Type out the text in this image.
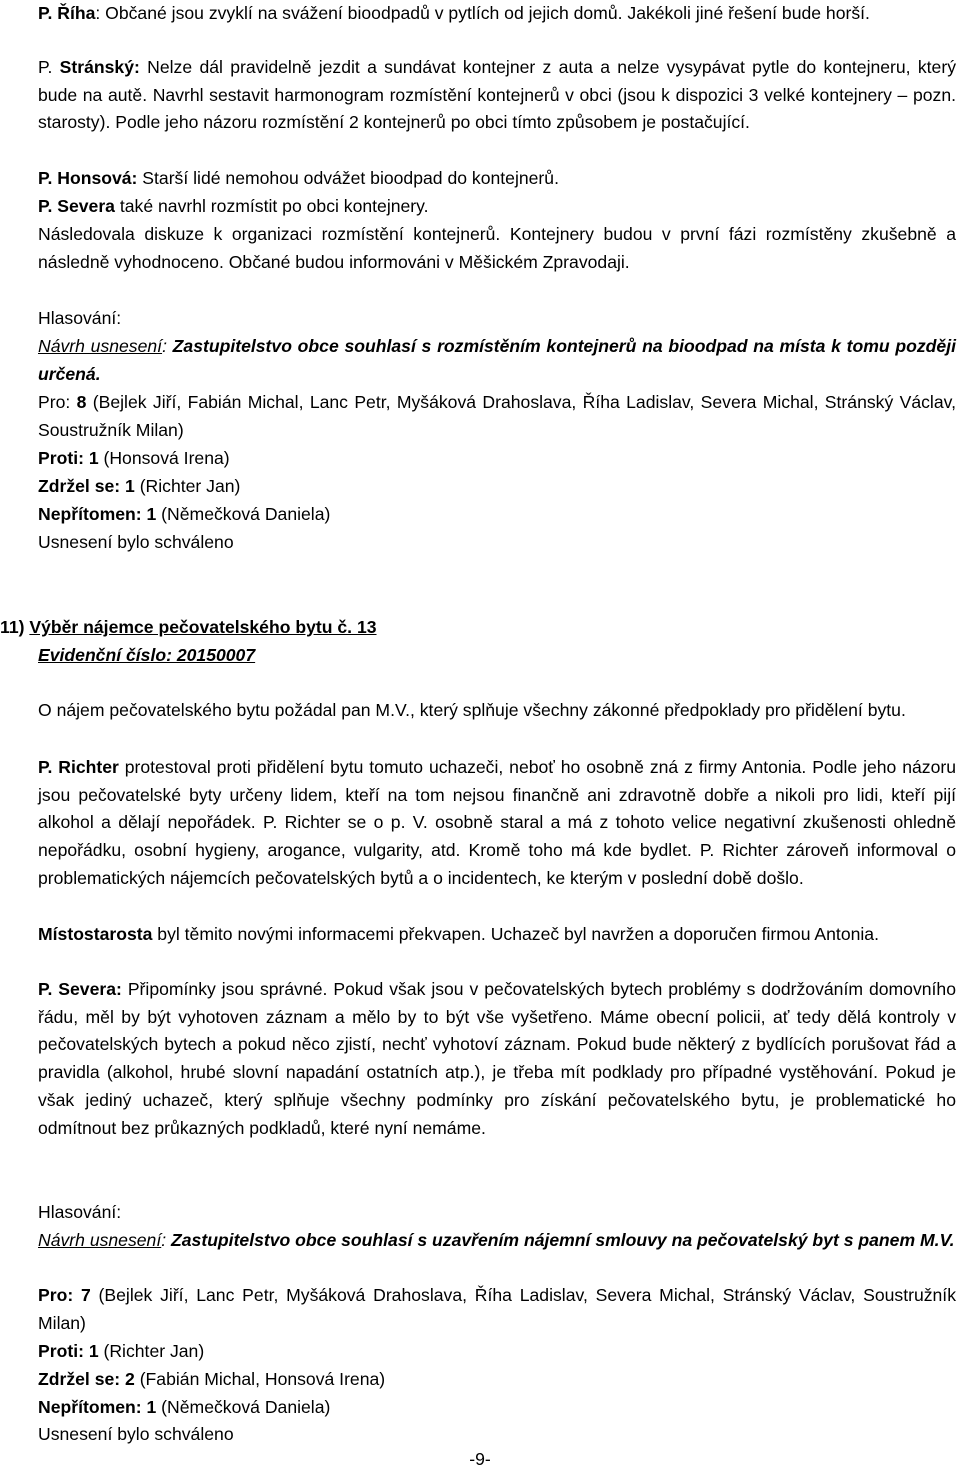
P. Říha: Občané jsou zvyklí na svážení bioodpadů v pytlích od jejich domů. Jakékoli jiné řešení bude horší.

P. Stránský: Nelze dál pravidelně jezdit a sundávat kontejner z auta a nelze vysypávat pytle do kontejneru, který bude na autě. Navrhl sestavit harmonogram rozmístění kontejnerů v obci (jsou k dispozici 3 velké kontejnery – pozn. starosty). Podle jeho názoru rozmístění 2 kontejnerů po obci tímto způsobem je postačující.

P. Honsová: Starší lidé nemohou odvážet bioodpad do kontejnerů.

P. Severa také navrhl rozmístit po obci kontejnery.

Následovala diskuze k organizaci rozmístění kontejnerů. Kontejnery budou v první fázi rozmístěny zkušebně a následně vyhodnoceno. Občané budou informováni v Měšickém Zpravodaji.

Hlasování:

Návrh usnesení: Zastupitelstvo obce souhlasí s rozmístěním kontejnerů na bioodpad na místa k tomu později určená.

Pro: 8 (Bejlek Jiří, Fabián Michal, Lanc Petr, Myšáková Drahoslava, Říha Ladislav, Severa Michal, Stránský Václav, Soustružník Milan)

Proti: 1 (Honsová Irena)

Zdržel se: 1 (Richter Jan)

Nepřítomen: 1 (Němečková Daniela)

Usnesení bylo schváleno

11) Výběr nájemce pečovatelského bytu č. 13

Evidenční číslo: 20150007

O nájem pečovatelského bytu požádal pan M.V., který splňuje všechny zákonné předpoklady pro přidělení bytu.

P. Richter protestoval proti přidělení bytu tomuto uchazeči, neboť ho osobně zná z firmy Antonia. Podle jeho názoru jsou pečovatelské byty určeny lidem, kteří na tom nejsou finančně ani zdravotně dobře a nikoli pro lidi, kteří pijí alkohol a dělají nepořádek. P. Richter se o p. V. osobně staral a má z tohoto velice negativní zkušenosti ohledně nepořádku, osobní hygieny, arogance, vulgarity, atd. Kromě toho má kde bydlet. P. Richter zároveň informoval o problematických nájemcích pečovatelských bytů a o incidentech, ke kterým v poslední době došlo.

Místostarosta byl těmito novými informacemi překvapen. Uchazeč byl navržen a doporučen firmou Antonia.

P. Severa: Připomínky jsou správné. Pokud však jsou v pečovatelských bytech problémy s dodržováním domovního řádu, měl by být vyhotoven záznam a mělo by to být vše vyšetřeno. Máme obecní policii, ať tedy dělá kontroly v pečovatelských bytech a pokud něco zjistí, nechť vyhotoví záznam. Pokud bude některý z bydlících porušovat řád a pravidla (alkohol, hrubé slovní napadání ostatních atp.), je třeba mít podklady pro případné vystěhování. Pokud je však jediný uchazeč, který splňuje všechny podmínky pro získání pečovatelského bytu, je problematické ho odmítnout bez průkazných podkladů, které nyní nemáme.

Hlasování:

Návrh usnesení: Zastupitelstvo obce souhlasí s uzavřením nájemní smlouvy na pečovatelský byt s panem M.V.

Pro: 7 (Bejlek Jiří, Lanc Petr, Myšáková Drahoslava, Říha Ladislav, Severa Michal, Stránský Václav, Soustružník Milan)

Proti: 1 (Richter Jan)

Zdržel se: 2 (Fabián Michal, Honsová Irena)

Nepřítomen: 1 (Němečková Daniela)

Usnesení bylo schváleno

-9-
